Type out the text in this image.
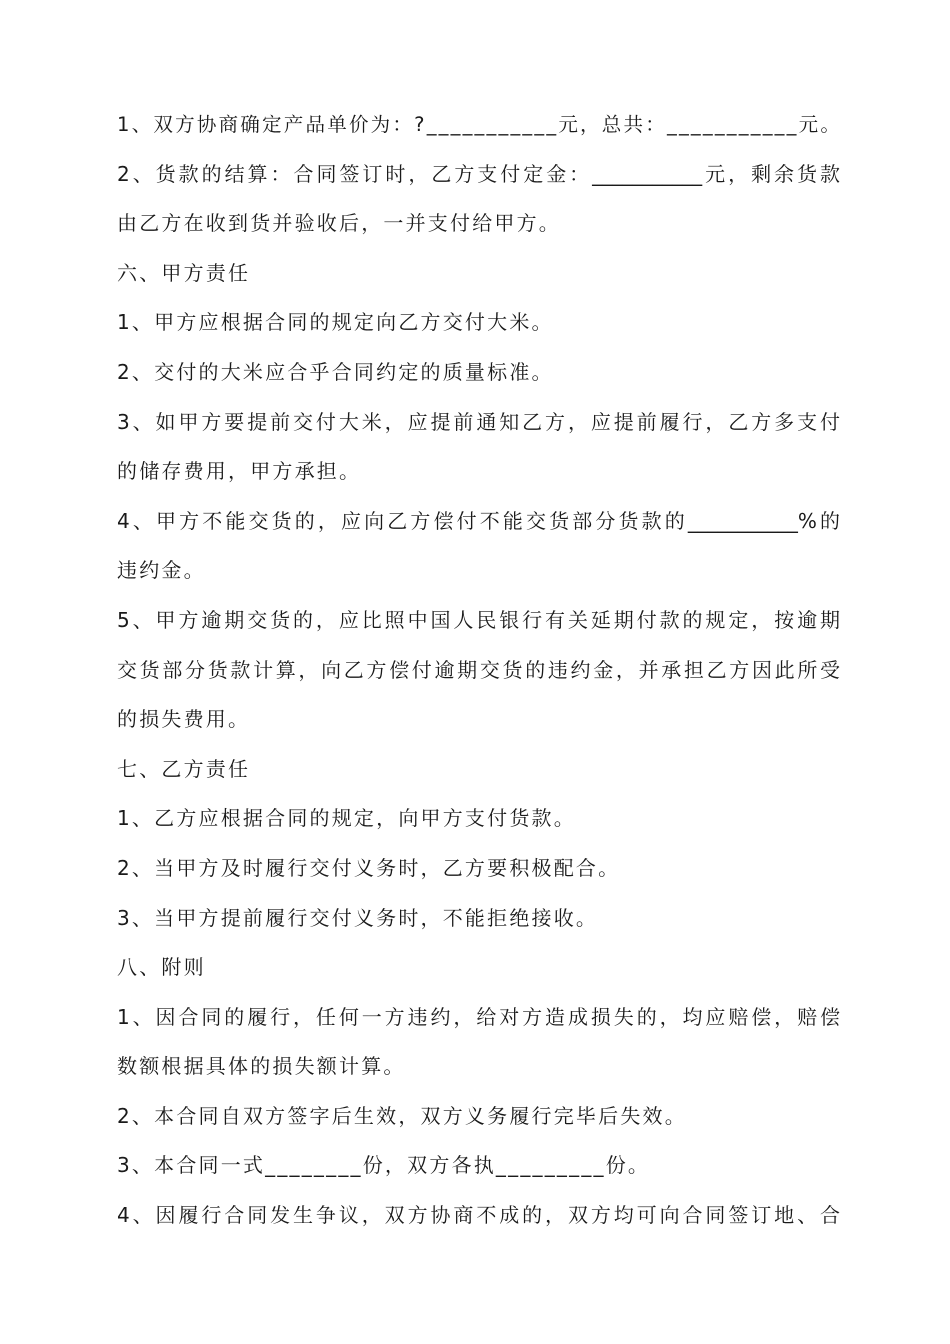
1、双方协商确定产品单价为：?___________元，总共：___________元。
2、货款的结算：合同签订时，乙方支付定金：___________元，剩余货款
由乙方在收到货并验收后，一并支付给甲方。
六、甲方责任
1、甲方应根据合同的规定向乙方交付大米。
2、交付的大米应合乎合同约定的质量标准。
3、如甲方要提前交付大米，应提前通知乙方，应提前履行，乙方多支付
的储存费用，甲方承担。
4、甲方不能交货的，应向乙方偿付不能交货部分货款的___________%的
违约金。
5、甲方逾期交货的，应比照中国人民银行有关延期付款的规定，按逾期
交货部分货款计算，向乙方偿付逾期交货的违约金，并承担乙方因此所受
的损失费用。
七、乙方责任
1、乙方应根据合同的规定，向甲方支付货款。
2、当甲方及时履行交付义务时，乙方要积极配合。
3、当甲方提前履行交付义务时，不能拒绝接收。
八、附则
1、因合同的履行，任何一方违约，给对方造成损失的，均应赔偿，赔偿
数额根据具体的损失额计算。
2、本合同自双方签字后生效，双方义务履行完毕后失效。
3、本合同一式________份，双方各执_________份。
4、因履行合同发生争议，双方协商不成的，双方均可向合同签订地、合
